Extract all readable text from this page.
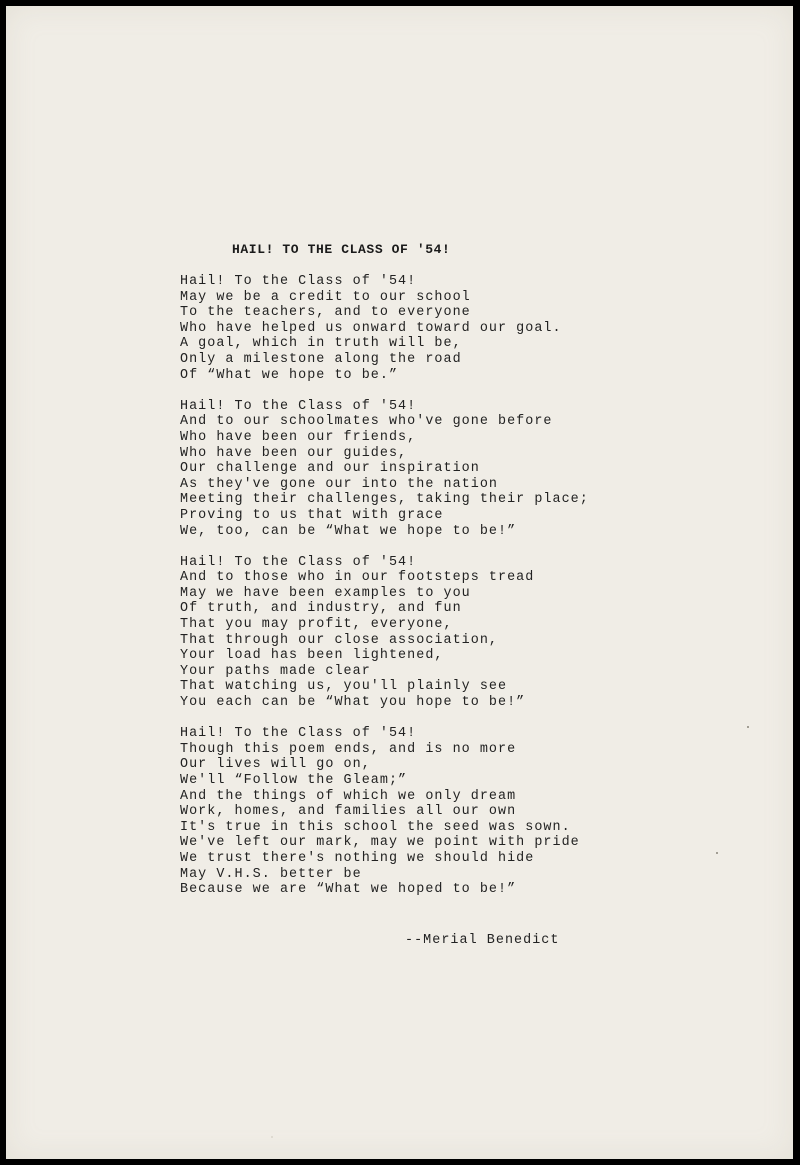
HAIL! TO THE CLASS OF '54!
Hail! To the Class of '54!
May we be a credit to our school
To the teachers, and to everyone
Who have helped us onward toward our goal.
A goal, which in truth will be,
Only a milestone along the road
Of “What we hope to be.”
Hail! To the Class of '54!
And to our schoolmates who've gone before
Who have been our friends,
Who have been our guides,
Our challenge and our inspiration
As they've gone our into the nation
Meeting their challenges, taking their place;
Proving to us that with grace
We, too, can be “What we hope to be!”
Hail! To the Class of '54!
And to those who in our footsteps tread
May we have been examples to you
Of truth, and industry, and fun
That you may profit, everyone,
That through our close association,
Your load has been lightened,
Your paths made clear
That watching us, you'll plainly see
You each can be “What you hope to be!”
Hail! To the Class of '54!
Though this poem ends, and is no more
Our lives will go on,
We'll “Follow the Gleam;”
And the things of which we only dream
Work, homes, and families all our own
It's true in this school the seed was sown.
We've left our mark, may we point with pride
We trust there's nothing we should hide
May V.H.S. better be
Because we are “What we hoped to be!”
--Merial Benedict
